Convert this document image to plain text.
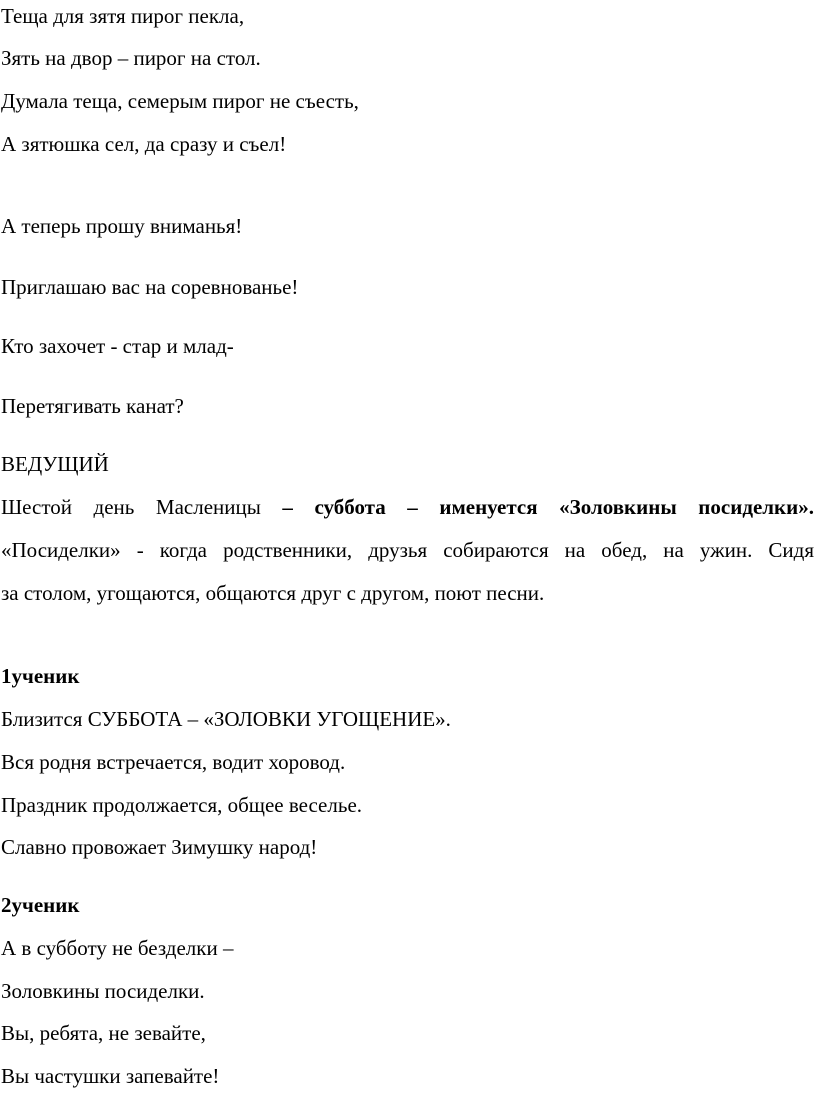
Теща для зятя пирог пекла,
Зять на двор – пирог на стол.
Думала теща, семерым пирог не съесть,
А зятюшка сел, да сразу и съел!
А теперь прошу вниманья!
Приглашаю вас на соревнованье!
Кто захочет - стар и млад-
Перетягивать канат?
ВЕДУЩИЙ
Шестой день Масленицы – суббота – именуется «Золовкины посиделки».
«Посиделки» - когда родственники, друзья собираются на обед, на ужин. Сидя
за столом, угощаются, общаются друг с другом, поют песни.
1ученик
Близится СУББОТА – «ЗОЛОВКИ УГОЩЕНИЕ».
Вся родня встречается, водит хоровод.
Праздник продолжается, общее веселье.
Славно провожает Зимушку народ!
2ученик
А в субботу не безделки –
Золовкины посиделки.
Вы, ребята, не зевайте,
Вы частушки запевайте!
